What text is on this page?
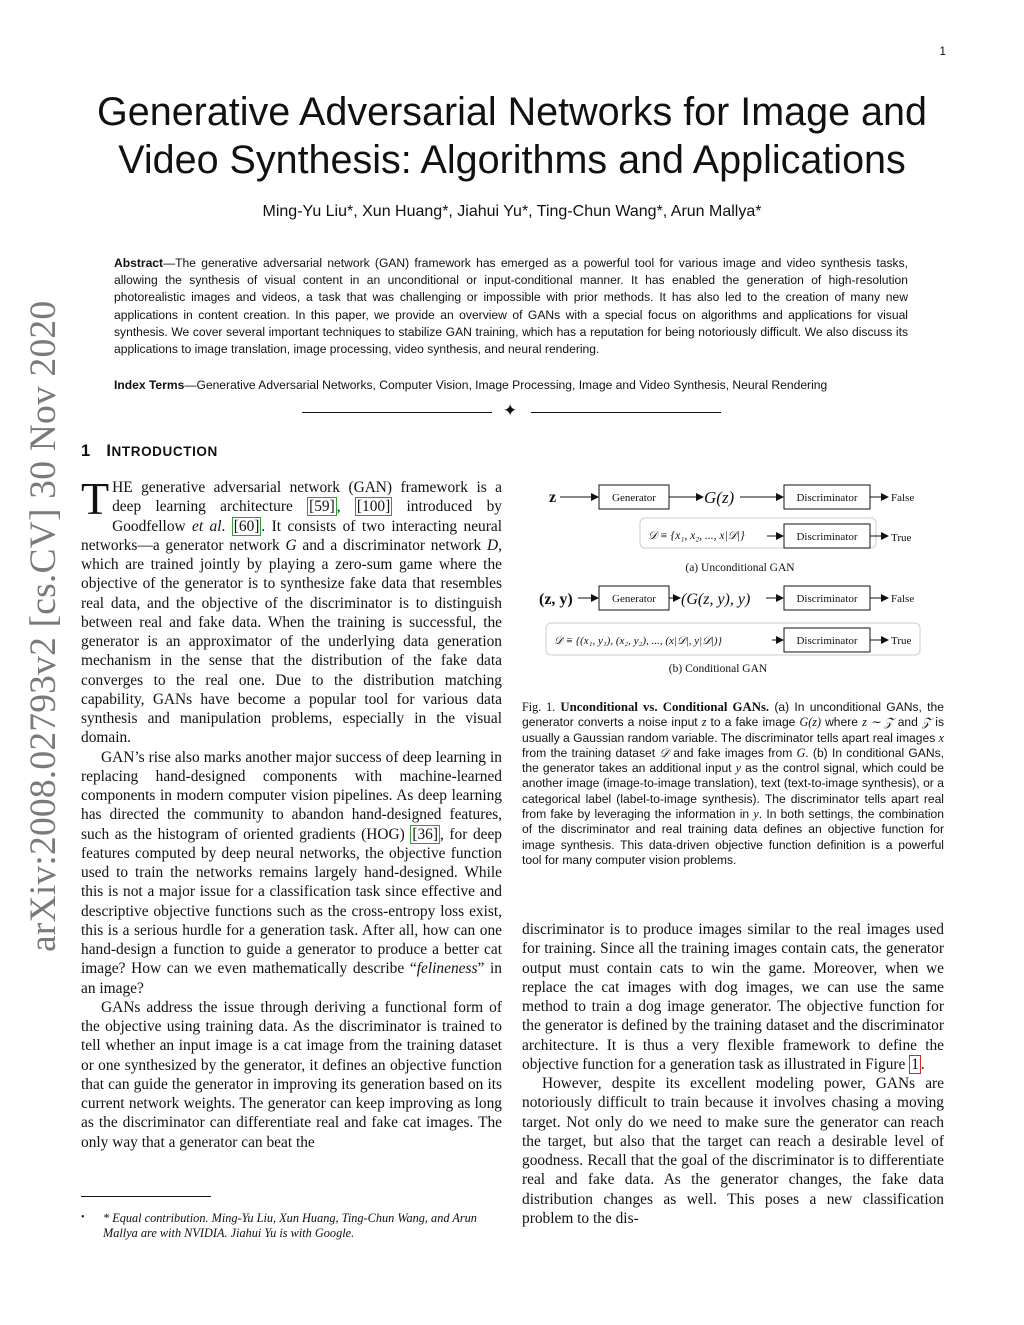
1
Generative Adversarial Networks for Image and
Video Synthesis: Algorithms and Applications
Ming-Yu Liu*, Xun Huang*, Jiahui Yu*, Ting-Chun Wang*, Arun Mallya*

Abstract—The generative adversarial network (GAN) framework has emerged as a powerful tool for various image and video synthesis tasks, allowing the synthesis of visual content in an unconditional or input-conditional manner. It has enabled the generation of high-resolution photorealistic images and videos, a task that was challenging or impossible with prior methods. It has also led to the creation of many new applications in content creation. In this paper, we provide an overview of GANs with a special focus on algorithms and applications for visual synthesis. We cover several important techniques to stabilize GAN training, which has a reputation for being notoriously difficult. We also discuss its applications to image translation, image processing, video synthesis, and neural rendering.

Index Terms—Generative Adversarial Networks, Computer Vision, Image Processing, Image and Video Synthesis, Neural Rendering

✦
arXiv:2008.02793v2 [cs.CV] 30 Nov 2020 1 INTRODUCTION

THE generative adversarial network (GAN) framework is a deep learning architecture [59] , [100] introduced by Goodfellow et al. [60] . It consists of two interacting neural networks—a generator network G and a discriminator network D, which are trained jointly by playing a zero-sum game where the objective of the generator is to synthesize fake data that resembles real data, and the objective of the discriminator is to distinguish between real and fake data. When the training is successful, the generator is an approximator of the underlying data generation mechanism in the sense that the distribution of the fake data converges to the real one. Due to the distribution matching capability, GANs have become a popular tool for various data synthesis and manipulation problems, especially in the visual domain.

GAN’s rise also marks another major success of deep learning in replacing hand-designed components with machine-learned components in modern computer vision pipelines. As deep learning has directed the community to abandon hand-designed features, such as the histogram of oriented gradients (HOG) [36] , for deep features computed by deep neural networks, the objective function used to train the networks remains largely hand-designed. While this is not a major issue for a classification task since effective and descriptive objective functions such as the cross-entropy loss exist, this is a serious hurdle for a generation task. After all, how can one hand-design a function to guide a generator to produce a better cat image? How can we even mathematically describe “felineness” in an image?

GANs address the issue through deriving a functional form of the objective using training data. As the discriminator is trained to tell whether an input image is a cat image from the training dataset or one synthesized by the generator, it defines an objective function that can guide the generator in improving its generation based on its current network weights. The generator can keep improving as long as the discriminator can differentiate real and fake cat images. The only way that a generator can beat the

• * Equal contribution. Ming-Yu Liu, Xun Huang, Ting-Chun Wang, and Arun Mallya are with NVIDIA. Jiahui Yu is with Google.

z	Generator	G(z)	Discriminator	False
𝒟 ≡ {x₁, x₂, ..., x|𝒟|}	Discriminator	True
(a) Unconditional GAN
(z, y)	Generator (G(z, y), y)	Discriminator	False
𝒟 ≡ {(x₁, y₁), (x₂, y₂), ..., (x|𝒟|, y|𝒟|)}	Discriminator	True
(b) Conditional GAN

Fig. 1. Unconditional vs. Conditional GANs. (a) In unconditional GANs, the generator converts a noise input z to a fake image G(z) where z ∼ 𝒵 and 𝒵 is usually a Gaussian random variable. The discriminator tells apart real images x from the training dataset 𝒟 and fake images from G. (b) In conditional GANs, the generator takes an additional input y as the control signal, which could be another image (image-to-image translation), text (text-to-image synthesis), or a categorical label (label-to-image synthesis). The discriminator tells apart real from fake by leveraging the information in y. In both settings, the combination of the discriminator and real training data defines an objective function for image synthesis. This data-driven objective function definition is a powerful tool for many computer vision problems.

discriminator is to produce images similar to the real images used for training. Since all the training images contain cats, the generator output must contain cats to win the game. Moreover, when we replace the cat images with dog images, we can use the same method to train a dog image generator. The objective function for the generator is defined by the training dataset and the discriminator architecture. It is thus a very flexible framework to define the objective function for a generation task as illustrated in Figure 1 .

However, despite its excellent modeling power, GANs are notoriously difficult to train because it involves chasing a moving target. Not only do we need to make sure the generator can reach the target, but also that the target can reach a desirable level of goodness. Recall that the goal of the discriminator is to differentiate real and fake data. As the generator changes, the fake data distribution changes as well. This poses a new classification problem to the dis-
